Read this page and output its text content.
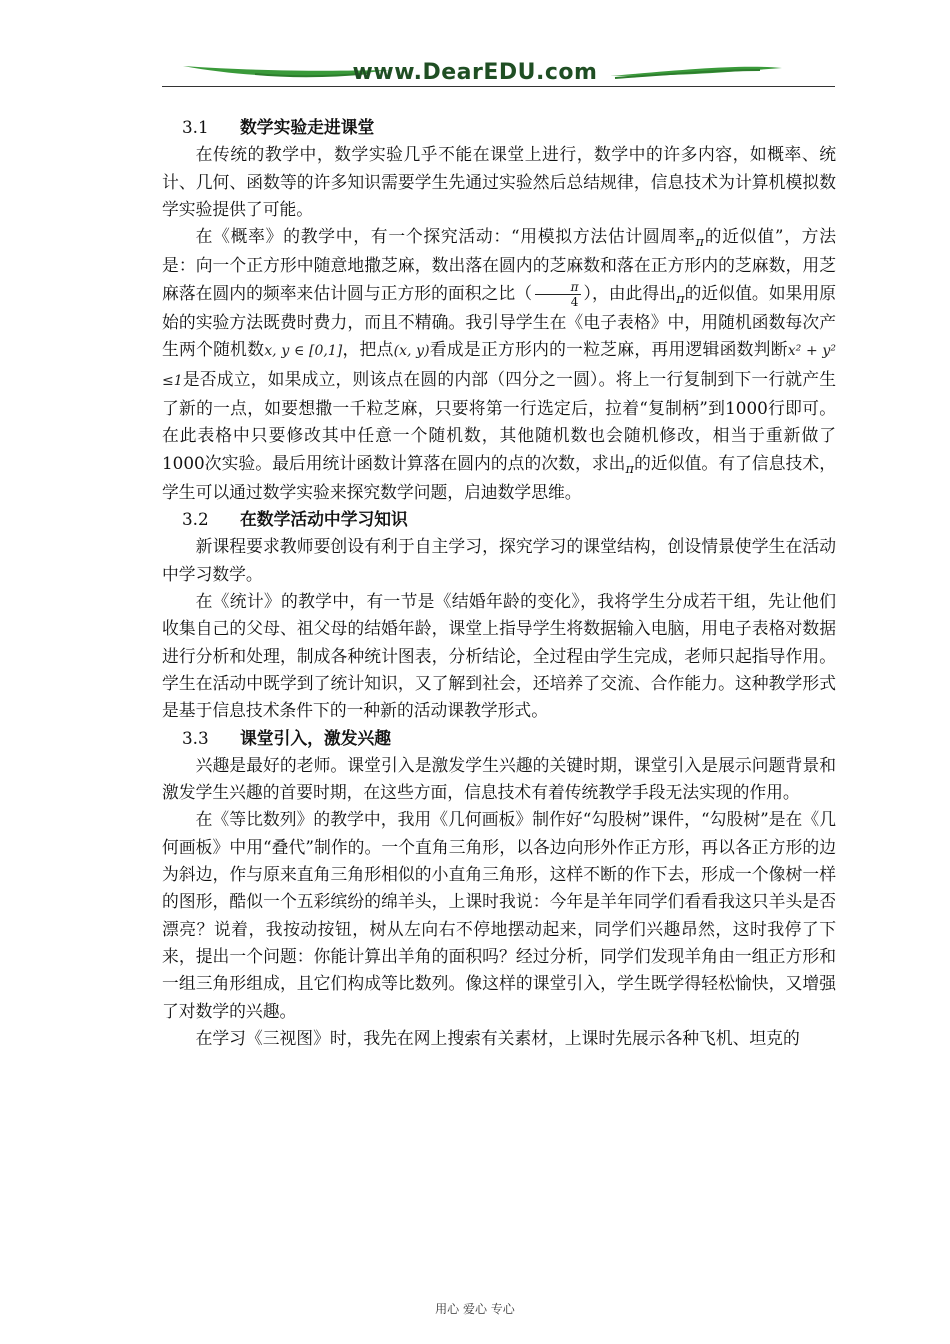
www.DearEDU.com

3.1 数学实验走进课堂

在传统的教学中，数学实验几乎不能在课堂上进行，数学中的许多内容，如概率、统计、几何、函数等的许多知识需要学生先通过实验然后总结规律，信息技术为计算机模拟数学实验提供了可能。

在《概率》的教学中，有一个探究活动：“用模拟方法估计圆周率$_\pi$的近似值”，方法是：向一个正方形中随意地撒芝麻，数出落在圆内的芝麻数和落在正方形内的芝麻数，用芝麻落在圆内的频率来估计圆与正方形的面积之比（ $\frac{\pi}{4}$ ），由此得出$_\pi$的近似值。如果用原始的实验方法既费时费力，而且不精确。我引导学生在《电子表格》中，用随机函数每次产生两个随机数x, y ∈ [0,1]，把点(x, y)看成是正方形内的一粒芝麻，再用逻辑函数判断x² + y² ≤1是否成立，如果成立，则该点在圆的内部（四分之一圆）。将上一行复制到下一行就产生了新的一点，如要想撒一千粒芝麻，只要将第一行选定后，拉着“复制柄”到1000行即可。在此表格中只要修改其中任意一个随机数，其他随机数也会随机修改，相当于重新做了1000次实验。最后用统计函数计算落在圆内的点的次数，求出$_\pi$的近似值。有了信息技术，学生可以通过数学实验来探究数学问题，启迪数学思维。

3.2 在数学活动中学习知识

新课程要求教师要创设有利于自主学习，探究学习的课堂结构，创设情景使学生在活动中学习数学。

在《统计》的教学中，有一节是《结婚年龄的变化》，我将学生分成若干组，先让他们收集自己的父母、祖父母的结婚年龄，课堂上指导学生将数据输入电脑，用电子表格对数据进行分析和处理，制成各种统计图表，分析结论，全过程由学生完成，老师只起指导作用。学生在活动中既学到了统计知识，又了解到社会，还培养了交流、合作能力。这种教学形式是基于信息技术条件下的一种新的活动课教学形式。

3.3 课堂引入，激发兴趣

兴趣是最好的老师。课堂引入是激发学生兴趣的关键时期，课堂引入是展示问题背景和激发学生兴趣的首要时期，在这些方面，信息技术有着传统教学手段无法实现的作用。

在《等比数列》的教学中，我用《几何画板》制作好“勾股树”课件，“勾股树”是在《几何画板》中用“叠代”制作的。一个直角三角形，以各边向形外作正方形，再以各正方形的边为斜边，作与原来直角三角形相似的小直角三角形，这样不断的作下去，形成一个像树一样的图形，酷似一个五彩缤纷的绵羊头，上课时我说：今年是羊年同学们看看我这只羊头是否漂亮？说着，我按动按钮，树从左向右不停地摆动起来，同学们兴趣昂然，这时我停了下来，提出一个问题：你能计算出羊角的面积吗？经过分析，同学们发现羊角由一组正方形和一组三角形组成，且它们构成等比数列。像这样的课堂引入，学生既学得轻松愉快，又增强了对数学的兴趣。

在学习《三视图》时，我先在网上搜索有关素材，上课时先展示各种飞机、坦克的

用心 爱心 专心
